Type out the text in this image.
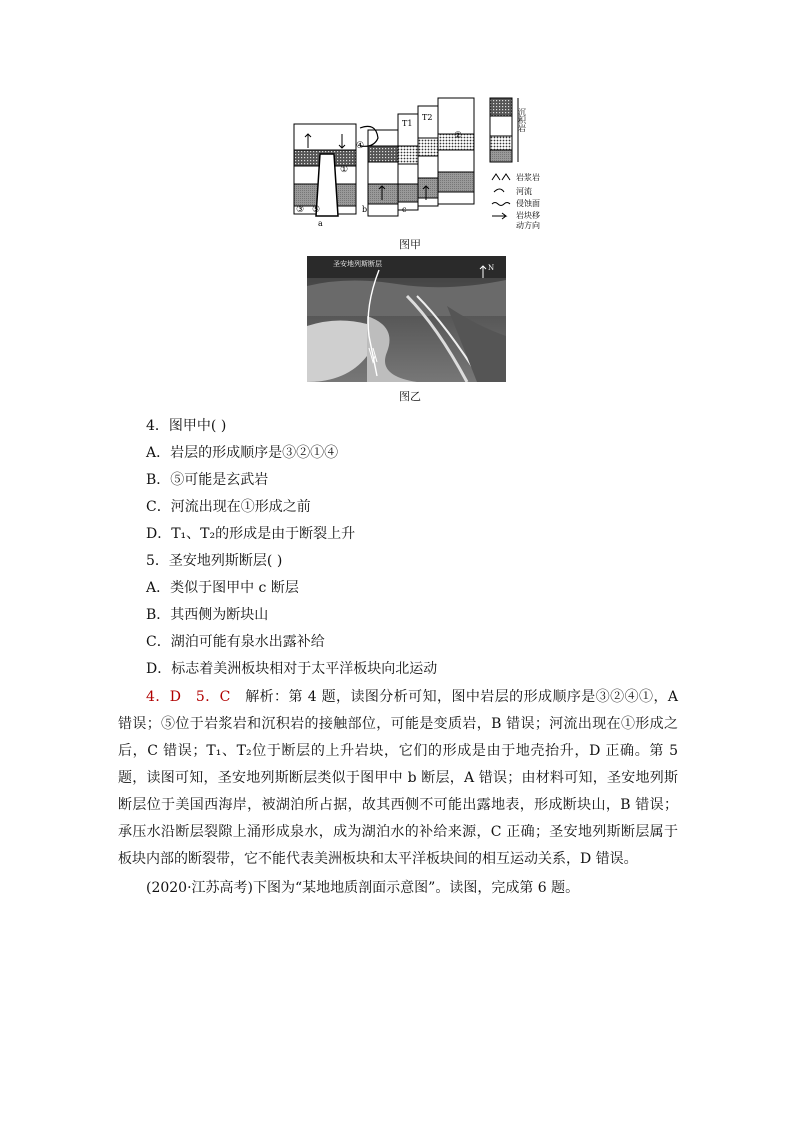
②
①
③
④
⑤
T1
T2
a
b	c
沉积岩
岩浆岩
河流
侵蚀面
岩块移
动方向
图甲
圣安地列斯断层	N
图乙
4．图甲中( )
A．岩层的形成顺序是③②①④
B．⑤可能是玄武岩
C．河流出现在①形成之前
D．T₁、T₂的形成是由于断裂上升
5．圣安地列斯断层( )
A．类似于图甲中 c 断层
B．其西侧为断块山
C．湖泊可能有泉水出露补给
D．标志着美洲板块相对于太平洋板块向北运动
4．D　 5．C　 解析：第 4 题，读图分析可知，图中岩层的形成顺序是③②④①，A 错误；⑤位于岩浆岩和沉积岩的接触部位，可能是变质岩，B 错误；河流出现在①形成之后，C 错误；T₁、T₂位于断层的上升岩块，它们的形成是由于地壳抬升，D 正确。第 5 题，读图可知，圣安地列斯断层类似于图甲中 b 断层，A 错误；由材料可知，圣安地列斯断层位于美国西海岸，被湖泊所占据，故其西侧不可能出露地表，形成断块山，B 错误；承压水沿断层裂隙上涌形成泉水，成为湖泊水的补给来源，C 正确；圣安地列斯断层属于板块内部的断裂带，它不能代表美洲板块和太平洋板块间的相互运动关系，D 错误。
(2020·江苏高考)下图为“某地地质剖面示意图”。读图，完成第 6 题。
